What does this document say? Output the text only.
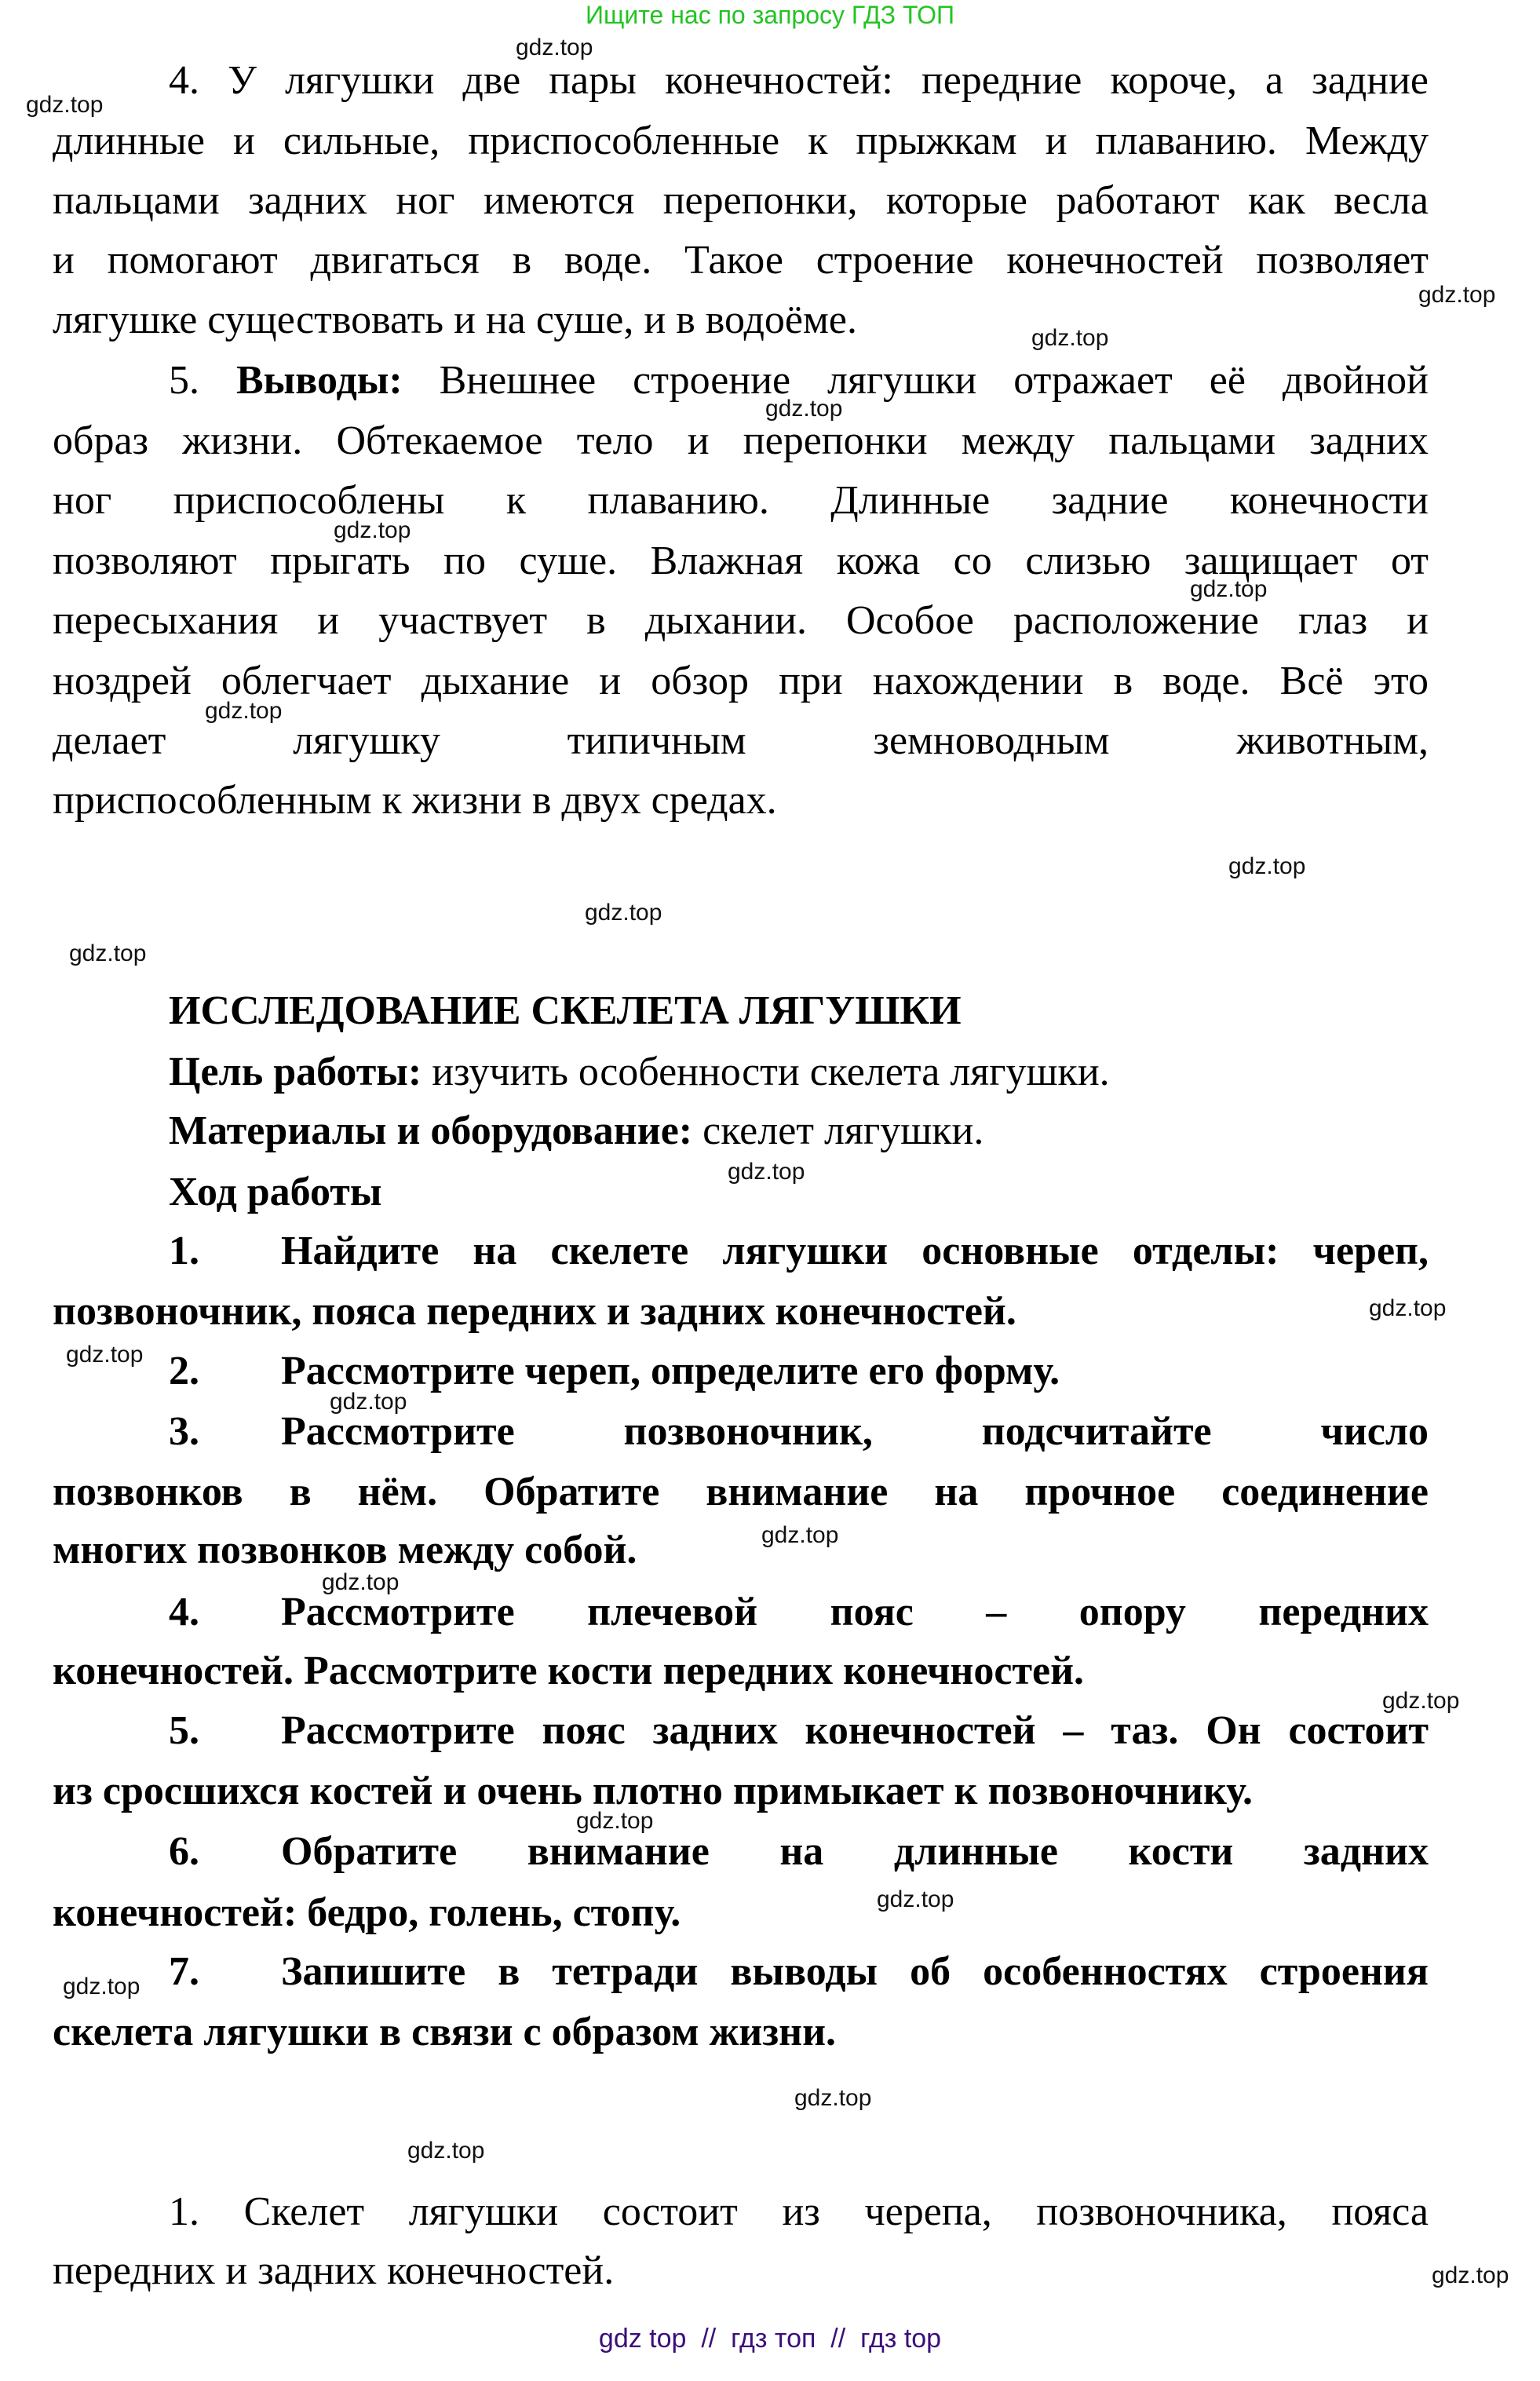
Ищите нас по запросу ГДЗ ТОП
4. У лягушки две пары конечностей: передние короче, а задние
длинные и сильные, приспособленные к прыжкам и плаванию. Между
пальцами задних ног имеются перепонки, которые работают как весла
и помогают двигаться в воде. Такое строение конечностей позволяет
лягушке существовать и на суше, и в водоёме.
5. Выводы: Внешнее строение лягушки отражает её двойной
образ жизни. Обтекаемое тело и перепонки между пальцами задних
ног приспособлены к плаванию. Длинные задние конечности
позволяют прыгать по суше. Влажная кожа со слизью защищает от
пересыхания и участвует в дыхании. Особое расположение глаз и
ноздрей облегчает дыхание и обзор при нахождении в воде. Всё это
делает лягушку типичным земноводным животным,
приспособленным к жизни в двух средах.
ИССЛЕДОВАНИЕ СКЕЛЕТА ЛЯГУШКИ
Цель работы: изучить особенности скелета лягушки.
Материалы и оборудование: скелет лягушки.
Ход работы
1. Найдите на скелете лягушки основные отделы: череп,
позвоночник, пояса передних и задних конечностей.
2. Рассмотрите череп, определите его форму.
3. Рассмотрите позвоночник, подсчитайте число
позвонков в нём. Обратите внимание на прочное соединение
многих позвонков между собой.
4. Рассмотрите плечевой пояс – опору передних
конечностей. Рассмотрите кости передних конечностей.
5. Рассмотрите пояс задних конечностей – таз. Он состоит
из сросшихся костей и очень плотно примыкает к позвоночнику.
6. Обратите внимание на длинные кости задних
конечностей: бедро, голень, стопу.
7. Запишите в тетради выводы об особенностях строения
скелета лягушки в связи с образом жизни.
1. Скелет лягушки состоит из черепа, позвоночника, пояса
передних и задних конечностей.
gdz.top
gdz.top
gdz.top
gdz.top
gdz.top
gdz.top
gdz.top
gdz.top
gdz.top
gdz.top
gdz.top
gdz.top
gdz.top
gdz.top
gdz.top
gdz.top
gdz.top
gdz.top
gdz.top
gdz.top
gdz.top
gdz.top
gdz.top
gdz.top
gdz top  //  гдз топ  //  гдз top
